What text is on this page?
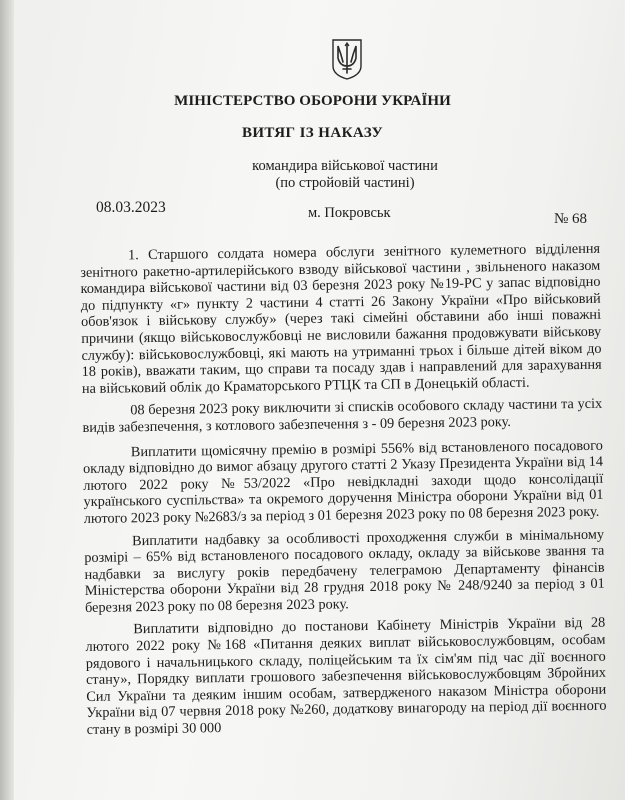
МІНІСТЕРСТВО ОБОРОНИ УКРАЇНИ
ВИТЯГ ІЗ НАКАЗУ
командира військової частини
(по стройовій частині)
08.03.2023	м. Покровськ	№ 68

1. Старшого солдата номера обслуги зенітного кулеметного відділення зенітного ракетно-артилерійського взводу військової частини , звільненого наказом командира військової частини від 03 березня 2023 року №19-РС у запас відповідно до підпункту «г» пункту 2 частини 4 статті 26 Закону України «Про військовий обов'язок і військову службу» (через такі сімейні обставини або інші поважні причини (якщо військовослужбовці не висловили бажання продовжувати військову службу): військовослужбовці, які мають на утриманні трьох і більше дітей віком до 18 років), вважати таким, що справи та посаду здав і направлений для зарахування на військовий облік до Краматорського РТЦК та СП в Донецькій області.

08 березня 2023 року виключити зі списків особового складу частини та усіх видів забезпечення, з котлового забезпечення з - 09 березня 2023 року.

Виплатити щомісячну премію в розмірі 556% від встановленого посадового окладу відповідно до вимог абзацу другого статті 2 Указу Президента України від 14 лютого 2022 року №53/2022 «Про невідкладні заходи щодо консолідації українського суспільства» та окремого доручення Міністра оборони України від 01 лютого 2023 року №2683/з за період з 01 березня 2023 року по 08 березня 2023 року.

Виплатити надбавку за особливості проходження служби в мінімальному розмірі – 65% від встановленого посадового окладу, окладу за військове звання та надбавки за вислугу років передбачену телеграмою Департаменту фінансів Міністерства оборони України від 28 грудня 2018 року № 248/9240 за період з 01 березня 2023 року по 08 березня 2023 року.

Виплатити відповідно до постанови Кабінету Міністрів України від 28 лютого 2022 року №168 «Питання деяких виплат військовослужбовцям, особам рядового і начальницького складу, поліцейським та їх сім'ям під час дії воєнного стану», Порядку виплати грошового забезпечення військовослужбовцям Збройних Сил України та деяким іншим особам, затвердженого наказом Міністра оборони України від 07 червня 2018 року №260, додаткову винагороду на період дії воєнного стану в розмірі 30 000
